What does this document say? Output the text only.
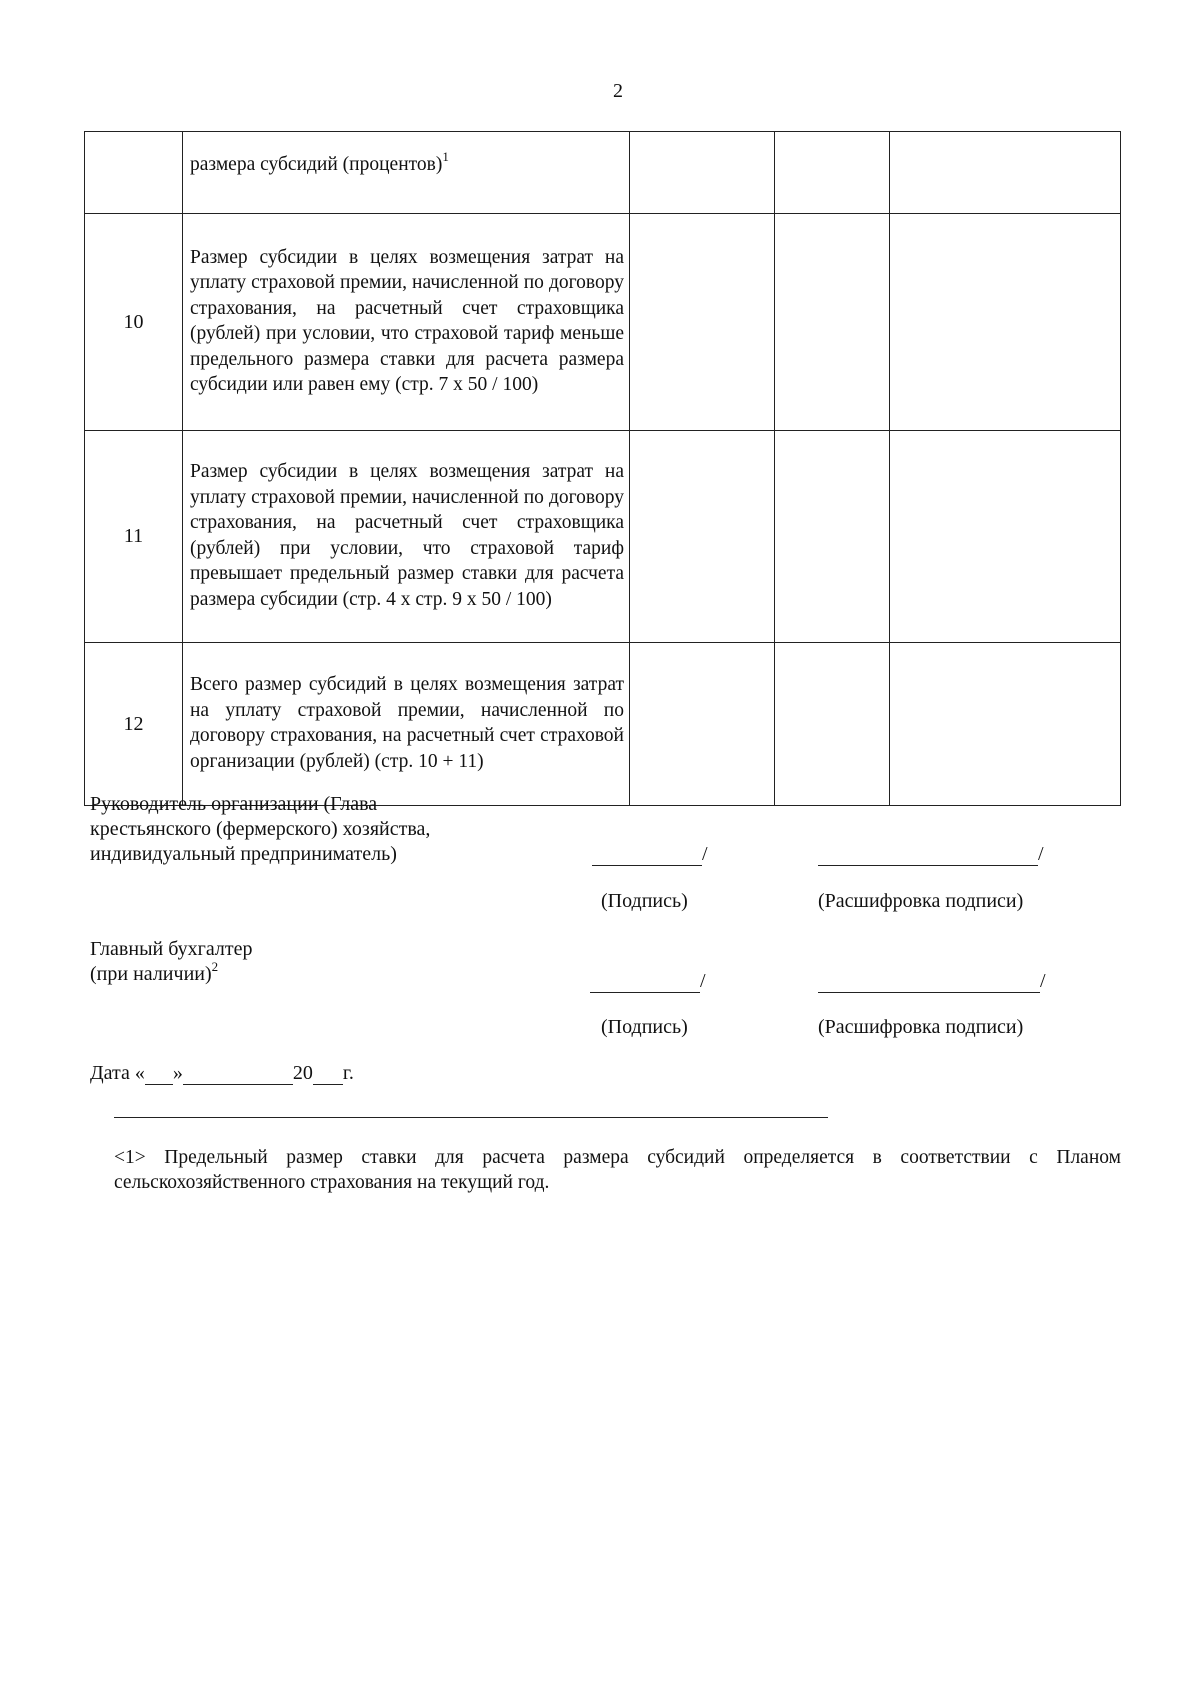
2
	размера субсидий (процентов)$^1$			
10	Размер субсидии в целях возмещения затрат на уплату страховой премии, начисленной по договору страхования, на расчетный счет страховщика (рублей) при условии, что страховой тариф меньше предельного размера ставки для расчета размера субсидии или равен ему (стр. 7 х 50 / 100)			
11	Размер субсидии в целях возмещения затрат на уплату страховой премии, начисленной по договору страхования, на расчетный счет страховщика (рублей) при условии, что страховой тариф превышает предельный размер ставки для расчета размера субсидии (стр. 4 х стр. 9 х 50 / 100)			
12	Всего размер субсидий в целях возмещения затрат на уплату страховой премии, начисленной по договору страхования, на расчетный счет страховой организации (рублей) (стр. 10 + 11)			
Руководитель организации (Глава
крестьянского (фермерского) хозяйства,
индивидуальный предприниматель)	/	/
(Подпись)	(Расшифровка подписи)
Главный бухгалтер
(при наличии)$^2$
/	/
(Подпись)	(Расшифровка подписи)
Дата « »	20 г.
<1> Предельный размер ставки для расчета размера субсидий определяется в соответствии с Планом сельскохозяйственного страхования на текущий год.
